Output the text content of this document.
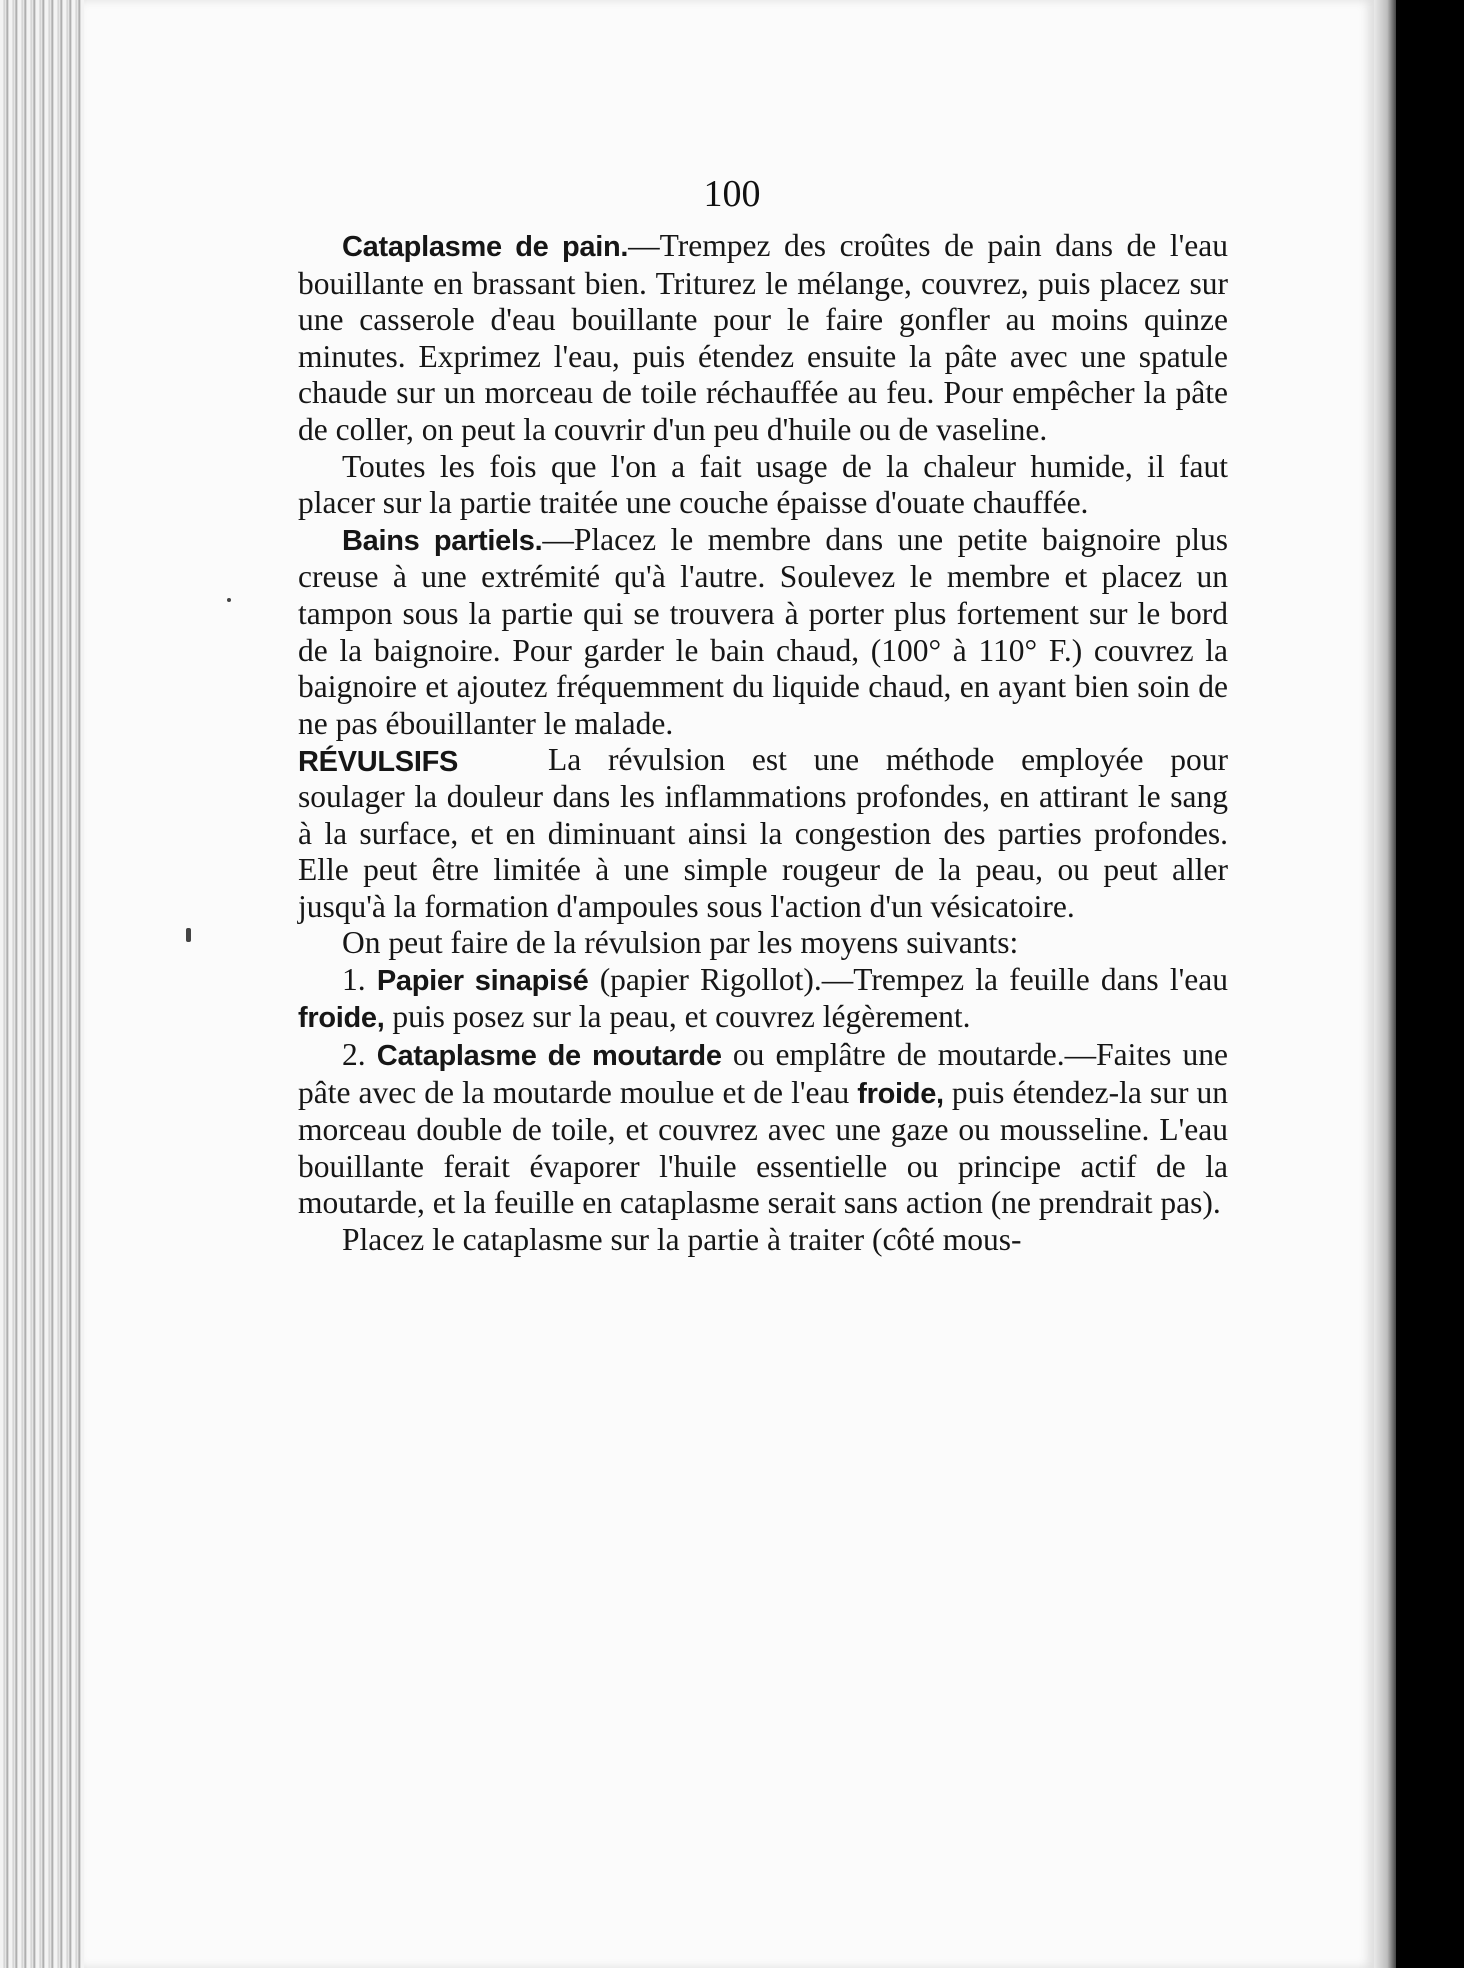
100

Cataplasme de pain.—Trempez des croûtes de pain dans de l'eau bouillante en brassant bien. Triturez le mélange, couvrez, puis placez sur une casserole d'eau bouillante pour le faire gonfler au moins quinze minutes. Exprimez l'eau, puis étendez ensuite la pâte avec une spatule chaude sur un morceau de toile réchauffée au feu. Pour empêcher la pâte de coller, on peut la couvrir d'un peu d'huile ou de vaseline.

Toutes les fois que l'on a fait usage de la chaleur humide, il faut placer sur la partie traitée une couche épaisse d'ouate chauffée.

Bains partiels.—Placez le membre dans une petite baignoire plus creuse à une extrémité qu'à l'autre. Soulevez le membre et placez un tampon sous la partie qui se trouvera à porter plus fortement sur le bord de la baignoire. Pour garder le bain chaud, (100° à 110° F.) couvrez la baignoire et ajoutez fréquemment du liquide chaud, en ayant bien soin de ne pas ébouillanter le malade.

RÉVULSIFS	La révulsion est une méthode employée pour soulager la douleur dans les inflammations profondes, en attirant le sang à la surface, et en diminuant ainsi la congestion des parties profondes. Elle peut être limitée à une simple rougeur de la peau, ou peut aller jusqu'à la formation d'ampoules sous l'action d'un vésicatoire.

On peut faire de la révulsion par les moyens suivants:

1. Papier sinapisé (papier Rigollot).—Trempez la feuille dans l'eau froide, puis posez sur la peau, et couvrez légèrement.

2. Cataplasme de moutarde ou emplâtre de moutarde.—Faites une pâte avec de la moutarde moulue et de l'eau froide, puis étendez-la sur un morceau double de toile, et couvrez avec une gaze ou mousseline. L'eau bouillante ferait évaporer l'huile essentielle ou principe actif de la moutarde, et la feuille en cataplasme serait sans action (ne prendrait pas).

Placez le cataplasme sur la partie à traiter (côté mous-
